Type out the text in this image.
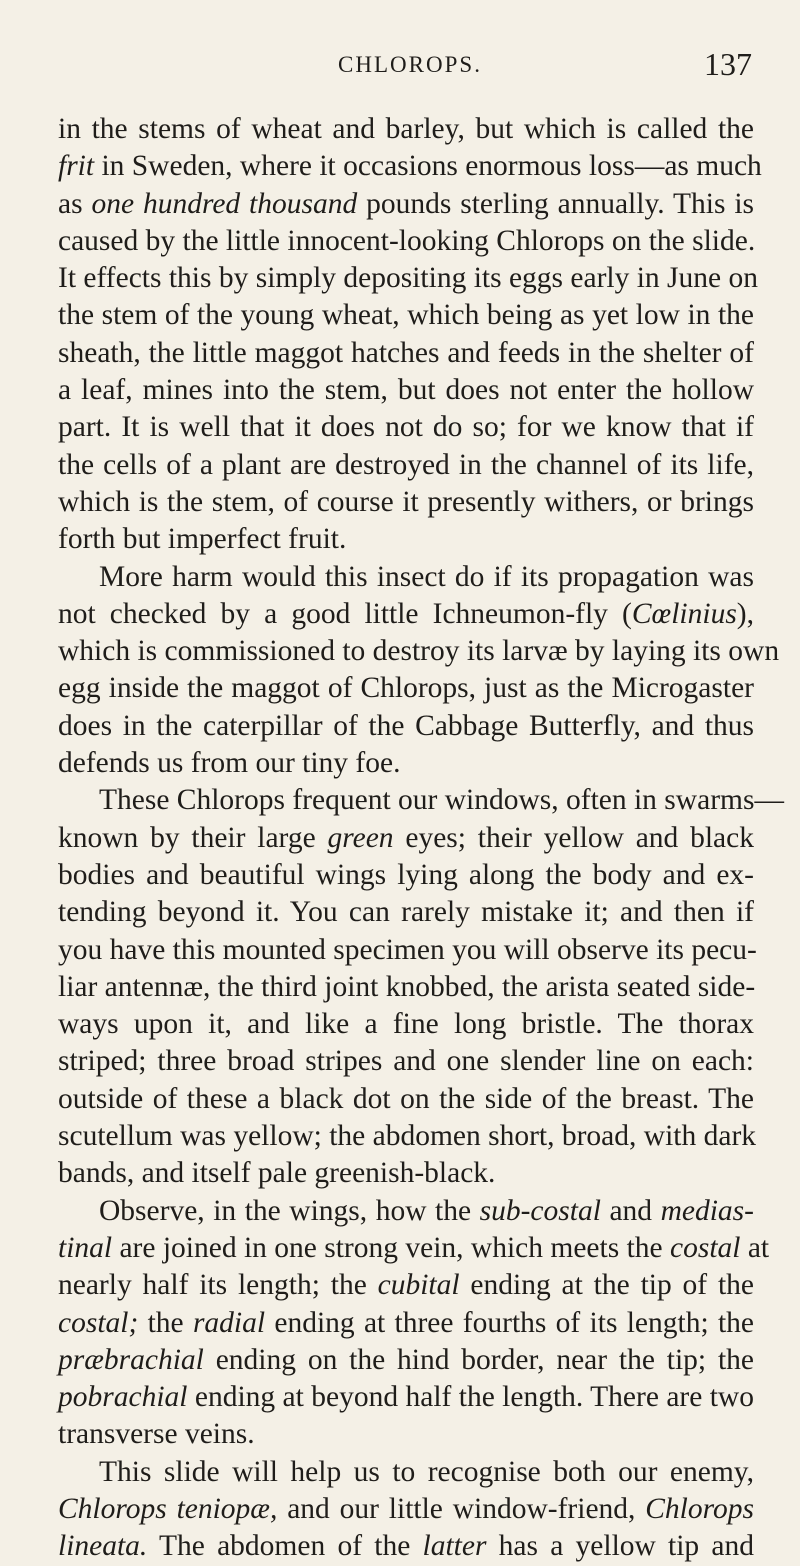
CHLOROPS.	137
in the stems of wheat and barley, but which is called the
frit in Sweden, where it occasions enormous loss—as much
as one hundred thousand pounds sterling annually. This is
caused by the little innocent-looking Chlorops on the slide.
It effects this by simply depositing its eggs early in June on
the stem of the young wheat, which being as yet low in the
sheath, the little maggot hatches and feeds in the shelter of
a leaf, mines into the stem, but does not enter the hollow
part. It is well that it does not do so; for we know that if
the cells of a plant are destroyed in the channel of its life,
which is the stem, of course it presently withers, or brings
forth but imperfect fruit.
More harm would this insect do if its propagation was
not checked by a good little Ichneumon-fly (Cœlinius),
which is commissioned to destroy its larvæ by laying its own
egg inside the maggot of Chlorops, just as the Microgaster
does in the caterpillar of the Cabbage Butterfly, and thus
defends us from our tiny foe.
These Chlorops frequent our windows, often in swarms—
known by their large green eyes; their yellow and black
bodies and beautiful wings lying along the body and ex-
tending beyond it. You can rarely mistake it; and then if
you have this mounted specimen you will observe its pecu-
liar antennæ, the third joint knobbed, the arista seated side-
ways upon it, and like a fine long bristle. The thorax
striped; three broad stripes and one slender line on each:
outside of these a black dot on the side of the breast. The
scutellum was yellow; the abdomen short, broad, with dark
bands, and itself pale greenish-black.
Observe, in the wings, how the sub-costal and medias-
tinal are joined in one strong vein, which meets the costal at
nearly half its length; the cubital ending at the tip of the
costal; the radial ending at three fourths of its length; the
præbrachial ending on the hind border, near the tip; the
pobrachial ending at beyond half the length. There are two
transverse veins.
This slide will help us to recognise both our enemy,
Chlorops teniopæ, and our little window-friend, Chlorops
lineata. The abdomen of the latter has a yellow tip and
